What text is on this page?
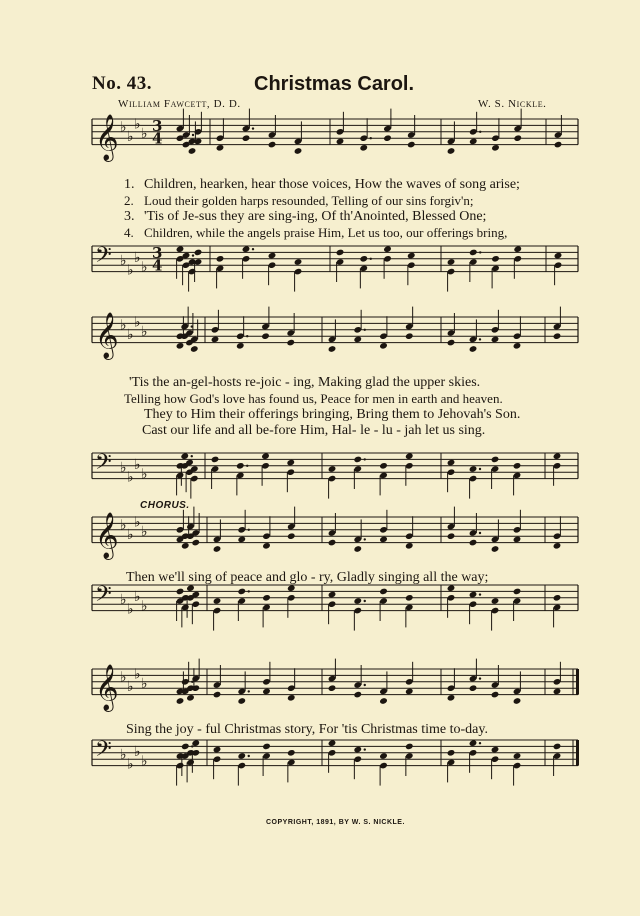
No. 43.	Christmas Carol.
William Fawcett, D. D.	W. S. Nickle.
𝄞 ♭
♭
♭
♭ 3
4
𝄢 ♭
♭
♭
♭
3
4
𝄞 ♭
♭
♭
♭
𝄢 ♭
♭
♭
♭
𝄞 ♭
♭
♭
♭
𝄢 ♭
♭
♭
♭
𝄞 ♭
♭
♭
♭
𝄢 ♭
♭
♭
♭
1. Children, hearken, hear those voices, How the waves of song arise;
2. Loud their golden harps resounded, Telling of our sins forgiv'n;
3. 'Tis of Je-sus they are sing-ing, Of th'Anointed, Blessed One;
4. Children, while the angels praise Him, Let us too, our offerings bring,
'Tis the an-gel-hosts re-joic - ing, Making glad the upper skies.
Telling how God's love has found us, Peace for men in earth and heaven.
They to Him their offerings bringing, Bring them to Jehovah's Son.
Cast our life and all be-fore Him, Hal- le - lu - jah let us sing.
CHORUS.
Then we'll sing of peace and glo - ry, Gladly singing all the way;
Sing the joy - ful Christmas story, For 'tis Christmas time to-day.
COPYRIGHT, 1891, BY W. S. NICKLE.
